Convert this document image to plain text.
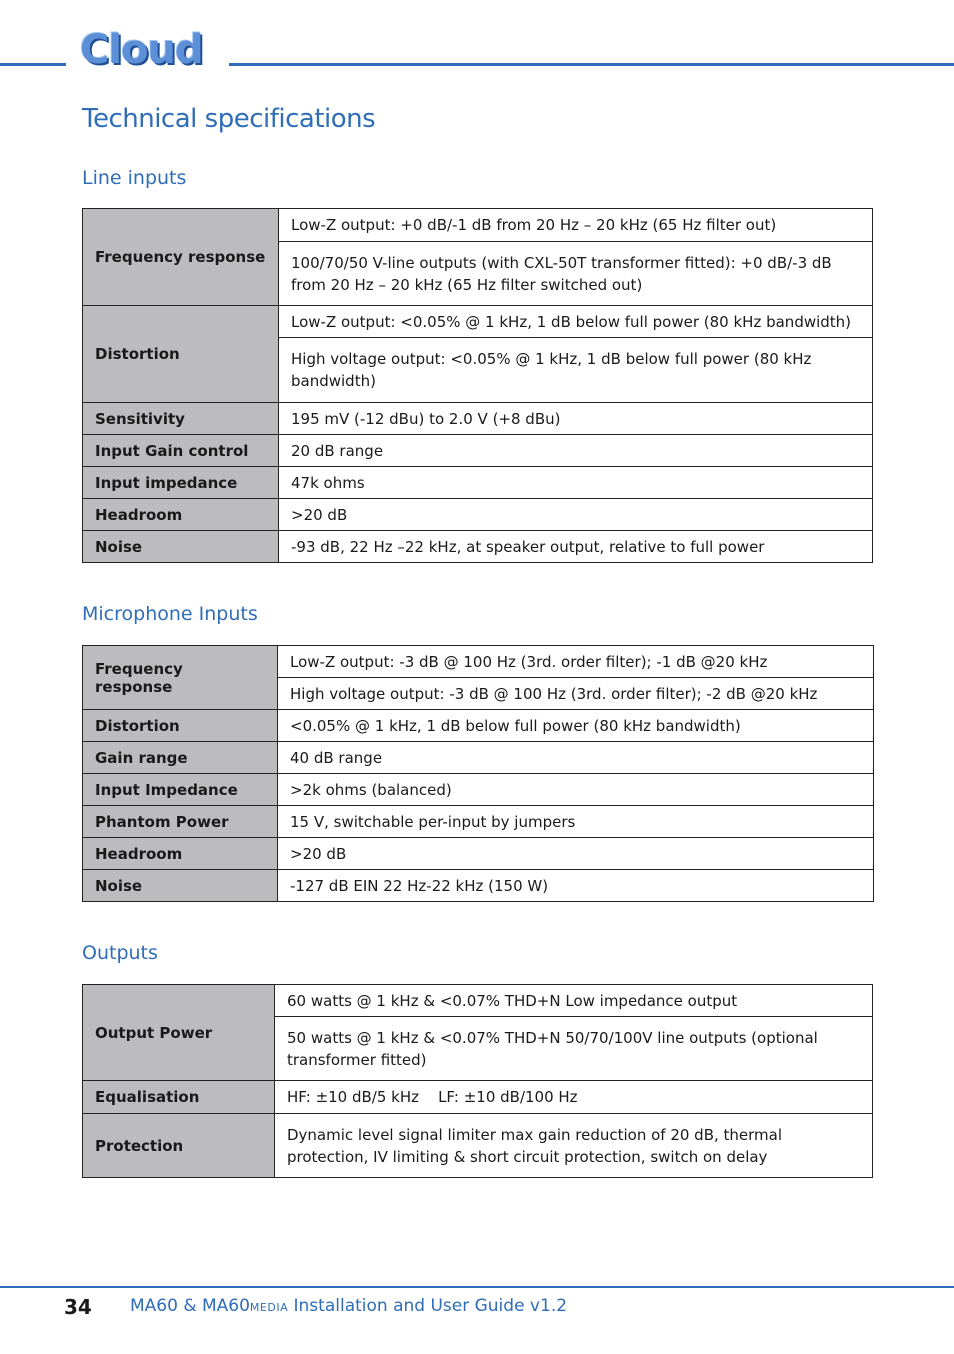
Cloud
Technical specifications
Line inputs
Frequency response	Low-Z output: +0 dB/-1 dB from 20 Hz – 20 kHz (65 Hz filter out)
	100/70/50 V-line outputs (with CXL-50T transformer fitted): +0 dB/-3 dB from 20 Hz – 20 kHz (65 Hz filter switched out)
Distortion	Low-Z output: <0.05% @ 1 kHz, 1 dB below full power (80 kHz bandwidth)
	High voltage output: <0.05% @ 1 kHz, 1 dB below full power (80 kHz bandwidth)
Sensitivity	195 mV (-12 dBu) to 2.0 V (+8 dBu)
Input Gain control	20 dB range
Input impedance	47k ohms
Headroom	>20 dB
Noise	-93 dB, 22 Hz –22 kHz, at speaker output, relative to full power
Microphone Inputs
Frequency response	Low-Z output: -3 dB @ 100 Hz (3rd. order filter); -1 dB @20 kHz
	High voltage output: -3 dB @ 100 Hz (3rd. order filter); -2 dB @20 kHz
Distortion	<0.05% @ 1 kHz, 1 dB below full power (80 kHz bandwidth)
Gain range	40 dB range
Input Impedance	>2k ohms (balanced)
Phantom Power	15 V, switchable per-input by jumpers
Headroom	>20 dB
Noise	-127 dB EIN 22 Hz-22 kHz (150 W)
Outputs
Output Power	60 watts @ 1 kHz & <0.07% THD+N Low impedance output
	50 watts @ 1 kHz & <0.07% THD+N 50/70/100V line outputs (optional transformer fitted)
Equalisation	HF: ±10 dB/5 kHz    LF: ±10 dB/100 Hz
Protection	Dynamic level signal limiter max gain reduction of 20 dB, thermal protection, IV limiting & short circuit protection, switch on delay
34 MA60 & MA60MEDIA Installation and User Guide v1.2
